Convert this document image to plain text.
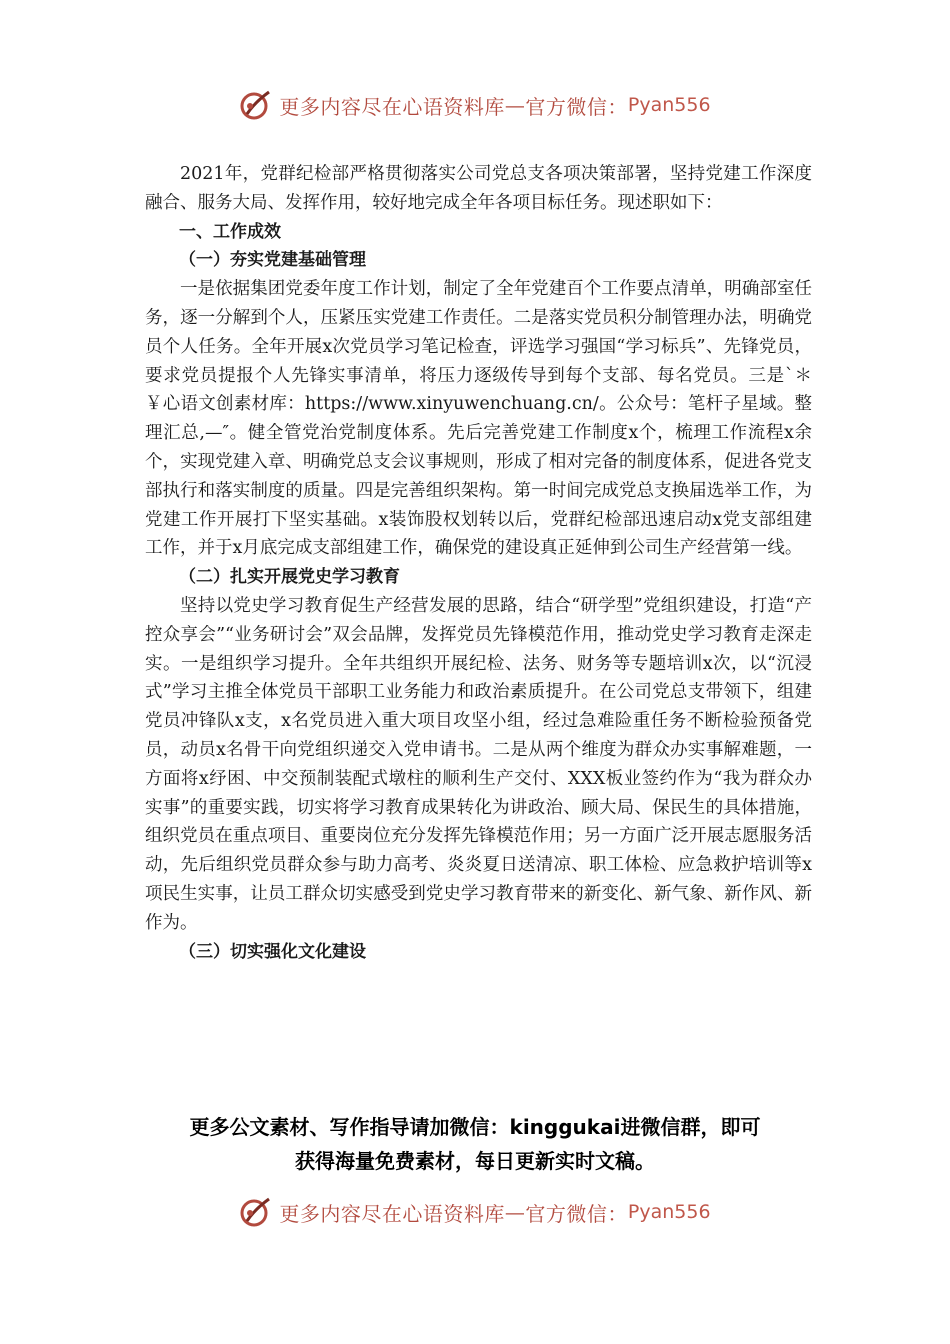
更多内容尽在心语资料库 — 官方微信： Pyan556

2021年，党群纪检部严格贯彻落实公司党总支各项决策部署，坚持党建工作深度融合、服务大局、发挥作用，较好地完成全年各项目标任务。现述职如下：

一、工作成效

（一）夯实党建基础管理

一是依据集团党委年度工作计划，制定了全年党建百个工作要点清单，明确部室任务，逐一分解到个人，压紧压实党建工作责任。二是落实党员积分制管理办法，明确党员个人任务。全年开展x次党员学习笔记检查，评选学习强国“学习标兵”、先锋党员，要求党员提报个人先锋实事清单，将压力逐级传导到每个支部、每名党员。三是`＊￥心语文创素材库：https://www.xinyuwenchuang.cn/。公众号：笔杆子星域。整理汇总,—″。健全管党治党制度体系。先后完善党建工作制度x个，梳理工作流程x余个，实现党建入章、明确党总支会议事规则，形成了相对完备的制度体系，促进各党支部执行和落实制度的质量。四是完善组织架构。第一时间完成党总支换届选举工作，为党建工作开展打下坚实基础。x装饰股权划转以后，党群纪检部迅速启动x党支部组建工作，并于x月底完成支部组建工作，确保党的建设真正延伸到公司生产经营第一线。

（二）扎实开展党史学习教育

坚持以党史学习教育促生产经营发展的思路，结合“研学型”党组织建设，打造“产控众享会”“业务研讨会”双会品牌，发挥党员先锋模范作用，推动党史学习教育走深走实。一是组织学习提升。全年共组织开展纪检、法务、财务等专题培训x次，以“沉浸式”学习主推全体党员干部职工业务能力和政治素质提升。在公司党总支带领下，组建党员冲锋队x支，x名党员进入重大项目攻坚小组，经过急难险重任务不断检验预备党员，动员x名骨干向党组织递交入党申请书。二是从两个维度为群众办实事解难题，一方面将x纾困、中交预制装配式墩柱的顺利生产交付、XXX板业签约作为“我为群众办实事”的重要实践，切实将学习教育成果转化为讲政治、顾大局、保民生的具体措施，组织党员在重点项目、重要岗位充分发挥先锋模范作用；另一方面广泛开展志愿服务活动，先后组织党员群众参与助力高考、炎炎夏日送清凉、职工体检、应急救护培训等x项民生实事，让员工群众切实感受到党史学习教育带来的新变化、新气象、新作风、新作为。

（三）切实强化文化建设

更多公文素材、写作指导请加微信：kinggukai进微信群，即可
获得海量免费素材，每日更新实时文稿。
更多内容尽在心语资料库 — 官方微信： Pyan556
